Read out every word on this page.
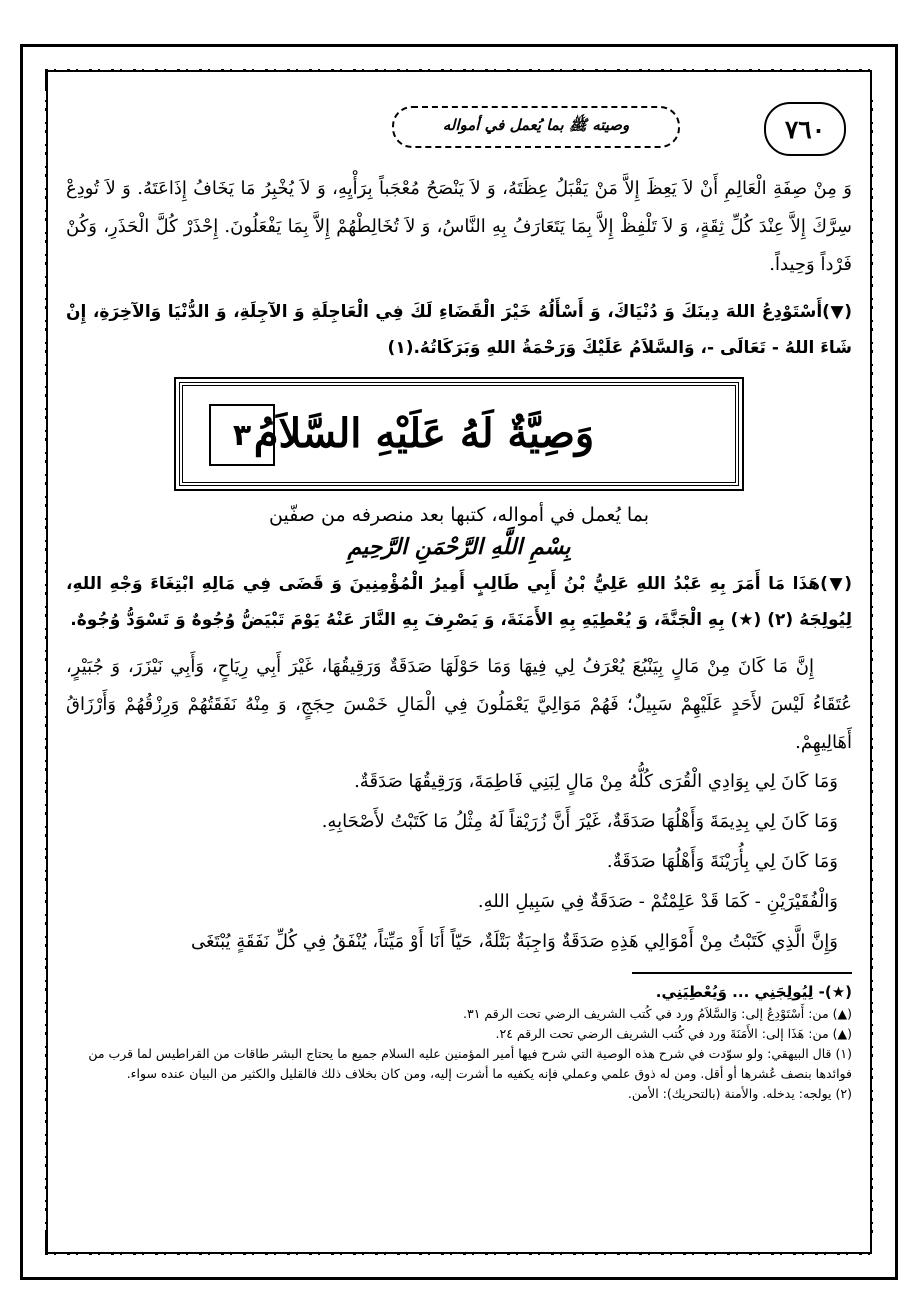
٧٦٠
وصيته ﷺ بما يُعمل في أمواله

وَ مِنْ صِفَةِ الْعَالِمِ أَنْ لاَ يَعِظَ إِلاَّ مَنْ يَقْبَلُ عِظَتَهُ، وَ لاَ يَنْصَحُ مُعْجَباً بِرَأْيِهِ، وَ لاَ يُخْبِرُ مَا يَخَافُ إِذَاعَتَهُ. وَ لاَ تُودِعْ سِرَّكَ إِلاَّ عِنْدَ كُلِّ ثِقَةٍ، وَ لاَ تَلْفِظْ إِلاَّ بِمَا يَتَعَارَفُ بِهِ النَّاسُ، وَ لاَ تُخَالِطْهُمْ إِلاَّ بِمَا يَفْعَلُونَ. إِحْذَرْ كُلَّ الْحَذَرِ، وَكُنْ فَرْداً وَحِيداً.

(▼)أَسْتَوْدِعُ اللهَ دِينَكَ وَ دُنْيَاكَ، وَ أَسْأَلُهُ خَيْرَ الْقَضَاءِ لَكَ فِي الْعَاجِلَةِ وَ الآجِلَةِ، وَ الدُّنْيَا وَالآخِرَةِ، إِنْ شَاءَ اللهُ - تَعَالَى -، وَالسَّلاَمُ عَلَيْكَ وَرَحْمَةُ اللهِ وَبَرَكَاتُهُ.(١)

وَصِيَّةٌ لَهُ عَلَيْهِ السَّلاَمُ
٣
بما يُعمل في أمواله، كتبها بعد منصرفه من صفّين
بِسْمِ اللَّهِ الرَّحْمَنِ الرَّحِيمِ

(▼)هَذَا مَا أَمَرَ بِهِ عَبْدُ اللهِ عَلِيُّ بْنُ أَبِي طَالِبٍ أَمِيرُ الْمُؤْمِنِينَ وَ قَضَى فِي مَالِهِ ابْتِغَاءَ وَجْهِ اللهِ، لِيُولِجَهُ (٢) (★) بِهِ الْجَنَّةَ، وَ يُعْطِيَهِ بِهِ الأَمَنَةَ، وَ يَصْرِفَ بِهِ النَّارَ عَنْهُ يَوْمَ تَبْيَضُّ وُجُوهٌ وَ تَسْوَدُّ وُجُوهٌ.

إِنَّ مَا كَانَ مِنْ مَالٍ بِيَنْبُعَ يُعْرَفُ لِي فِيهَا وَمَا حَوْلَهَا صَدَقَةٌ وَرَقِيقُهَا، غَيْرَ أَبِي رِيَاحٍ، وَأَبِي نَيْزَرَ، وَ جُبَيْرٍ، عُتَقَاءُ لَيْسَ لأَحَدٍ عَلَيْهِمْ سَبِيلٌ؛ فَهُمْ مَوَالِيَّ يَعْمَلُونَ فِي الْمَالِ خَمْسَ حِجَجٍ، وَ مِنْهُ نَفَقَتُهُمْ وَرِزْقُهُمْ وَأَرْزَاقُ أَهَالِيهِمْ.

وَمَا كَانَ لِي بِوَادِي الْقُرَى كُلُّهُ مِنْ مَالٍ لِبَنِي فَاطِمَةَ، وَرَقِيقُهَا صَدَقَةٌ.

وَمَا كَانَ لِي بِدِيمَةَ وَأَهْلُهَا صَدَقَةٌ، غَيْرَ أَنَّ زُرَيْقاً لَهُ مِثْلُ مَا كَتَبْتُ لأَصْحَابِهِ.

وَمَا كَانَ لِي بِأُرَيْنَةَ وَأَهْلُهَا صَدَقَةٌ.

وَالْفُقَيْرَيْنِ - كَمَا قَدْ عَلِمْتُمْ - صَدَقَةٌ فِي سَبِيلِ اللهِ.

وَإِنَّ الَّذِي كَتَبْتُ مِنْ أَمْوَالِي هَذِهِ صَدَقَةٌ وَاجِبَةٌ بَتْلَةٌ، حَيّاً أَنَا أَوْ مَيِّتاً، يُنْفَقُ فِي كُلِّ نَفَقَةٍ يُبْتَغَى

(★)- لِيُولِجَنِي ... وَيُعْطِيَنِي.

(▲) من: أَسْتَوْدِعُ إلى: وَالسَّلاَمُ ورد في كُتب الشريف الرضي تحت الرقم ٣١.

(▲) من: هَذَا إلى: الأَمَنَةَ ورد في كُتب الشريف الرضي تحت الرقم ٢٤.

(١) قال البيهقي: ولو سوّدت في شرح هذه الوصية التي شرح فيها أمير المؤمنين عليه السلام جميع ما يحتاج البشر طاقات من القراطيس لما قرب من فوائدها بنصف عُشرها أو أقل. ومن له ذوق علمي وعملي فإنه يكفيه ما أشرت إليه، ومن كان بخلاف ذلك فالقليل والكثير من البيان عنده سواء.

(٢) يولجه: يدخله. والأمنة (بالتحريك): الأمن.
